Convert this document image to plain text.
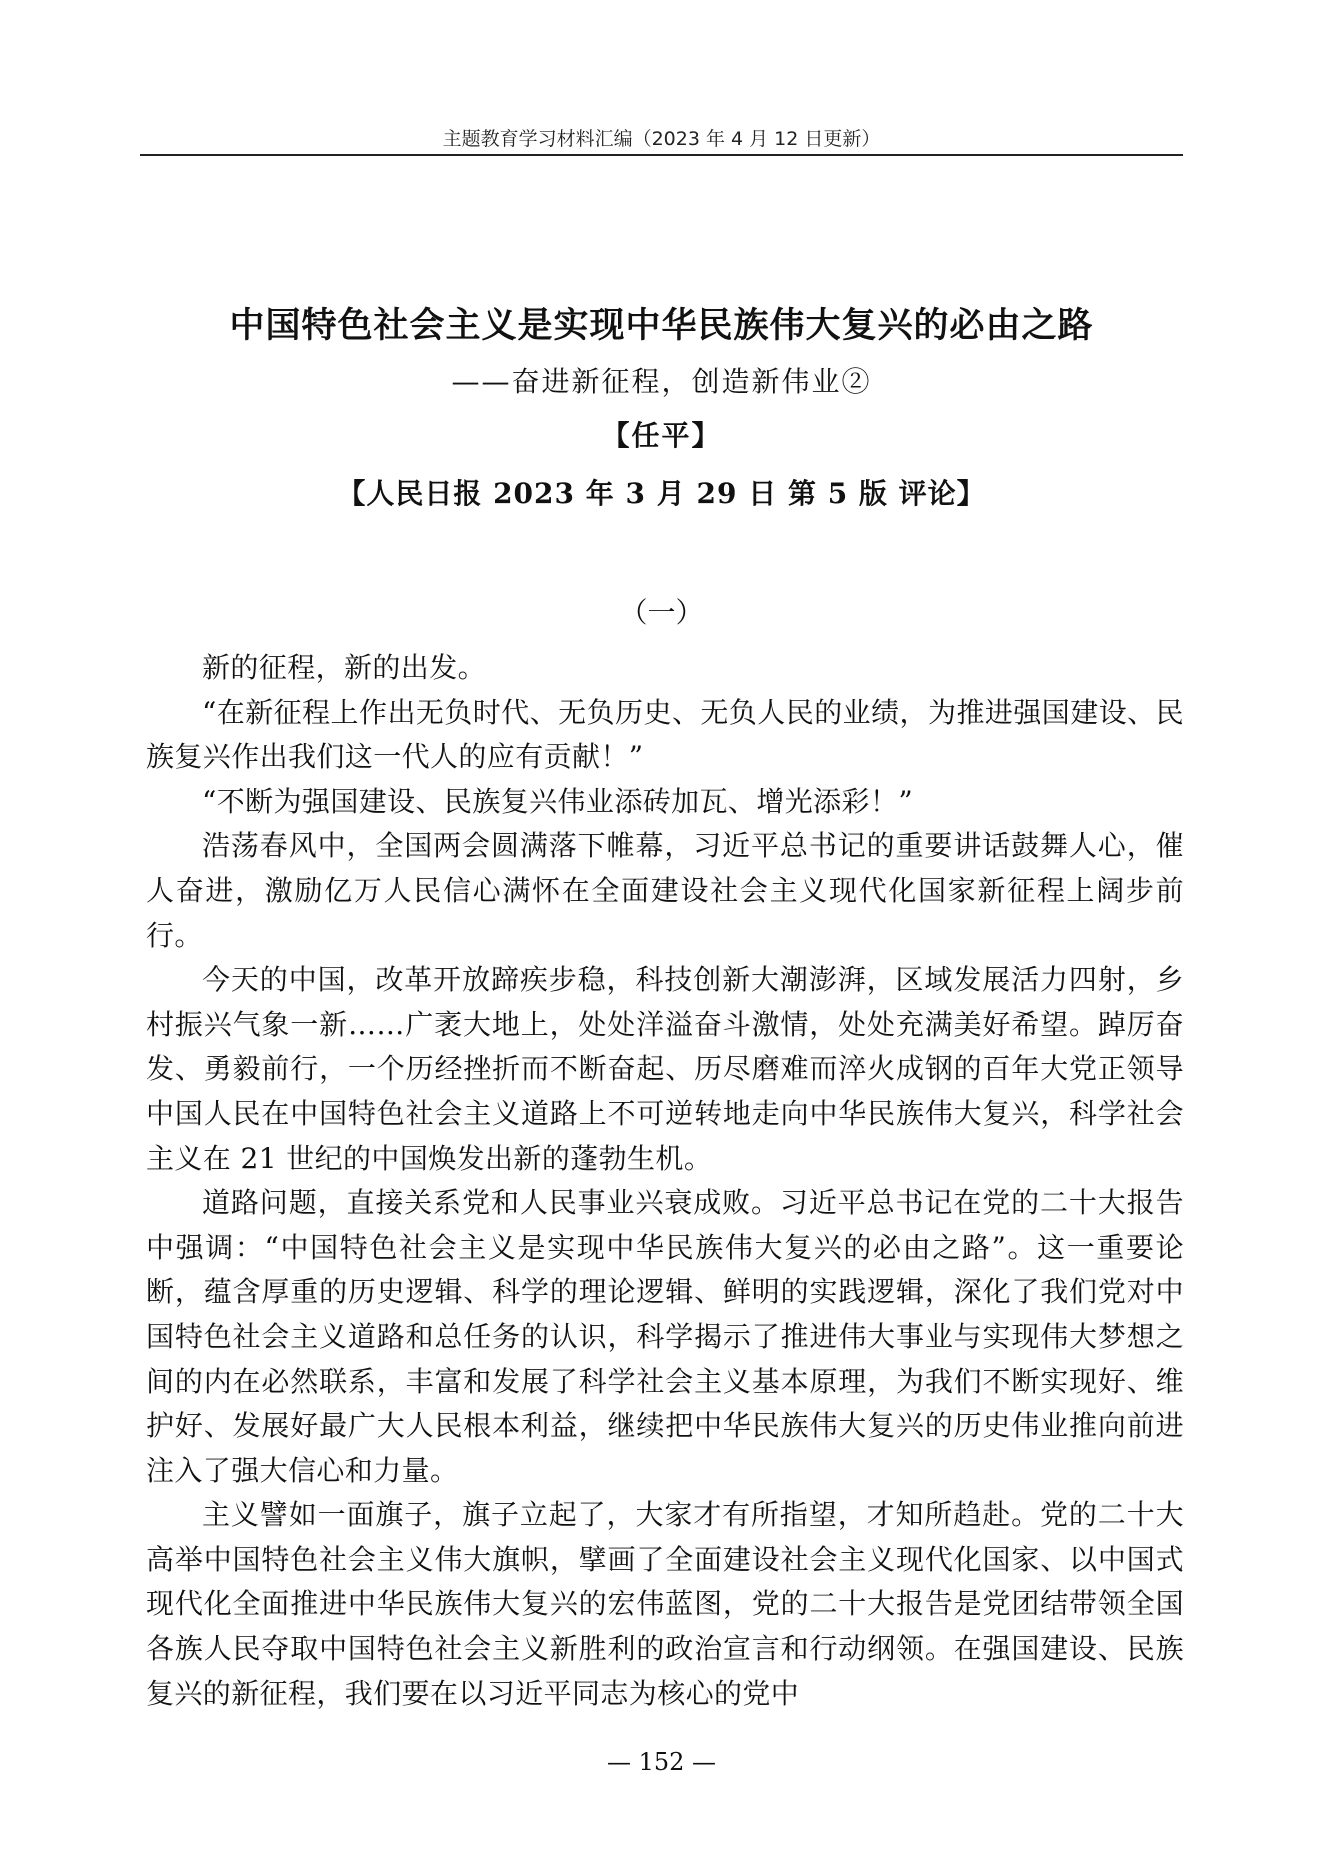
主题教育学习材料汇编（2023 年 4 月 12 日更新）
中国特色社会主义是实现中华民族伟大复兴的必由之路
——奋进新征程，创造新伟业②
【任平】
【人民日报 2023 年 3 月 29 日 第 5 版 评论】
（一）

新的征程，新的出发。

“在新征程上作出无负时代、无负历史、无负人民的业绩，为推进强国建设、民族复兴作出我们这一代人的应有贡献！”

“不断为强国建设、民族复兴伟业添砖加瓦、增光添彩！”

浩荡春风中，全国两会圆满落下帷幕，习近平总书记的重要讲话鼓舞人心，催人奋进，激励亿万人民信心满怀在全面建设社会主义现代化国家新征程上阔步前行。

今天的中国，改革开放蹄疾步稳，科技创新大潮澎湃，区域发展活力四射，乡村振兴气象一新……广袤大地上，处处洋溢奋斗激情，处处充满美好希望。踔厉奋发、勇毅前行，一个历经挫折而不断奋起、历尽磨难而淬火成钢的百年大党正领导中国人民在中国特色社会主义道路上不可逆转地走向中华民族伟大复兴，科学社会主义在 21 世纪的中国焕发出新的蓬勃生机。

道路问题，直接关系党和人民事业兴衰成败。习近平总书记在党的二十大报告中强调：“中国特色社会主义是实现中华民族伟大复兴的必由之路”。这一重要论断，蕴含厚重的历史逻辑、科学的理论逻辑、鲜明的实践逻辑，深化了我们党对中国特色社会主义道路和总任务的认识，科学揭示了推进伟大事业与实现伟大梦想之间的内在必然联系，丰富和发展了科学社会主义基本原理，为我们不断实现好、维护好、发展好最广大人民根本利益，继续把中华民族伟大复兴的历史伟业推向前进注入了强大信心和力量。

主义譬如一面旗子，旗子立起了，大家才有所指望，才知所趋赴。党的二十大高举中国特色社会主义伟大旗帜，擘画了全面建设社会主义现代化国家、以中国式现代化全面推进中华民族伟大复兴的宏伟蓝图，党的二十大报告是党团结带领全国各族人民夺取中国特色社会主义新胜利的政治宣言和行动纲领。在强国建设、民族复兴的新征程，我们要在以习近平同志为核心的党中

— 152 —
